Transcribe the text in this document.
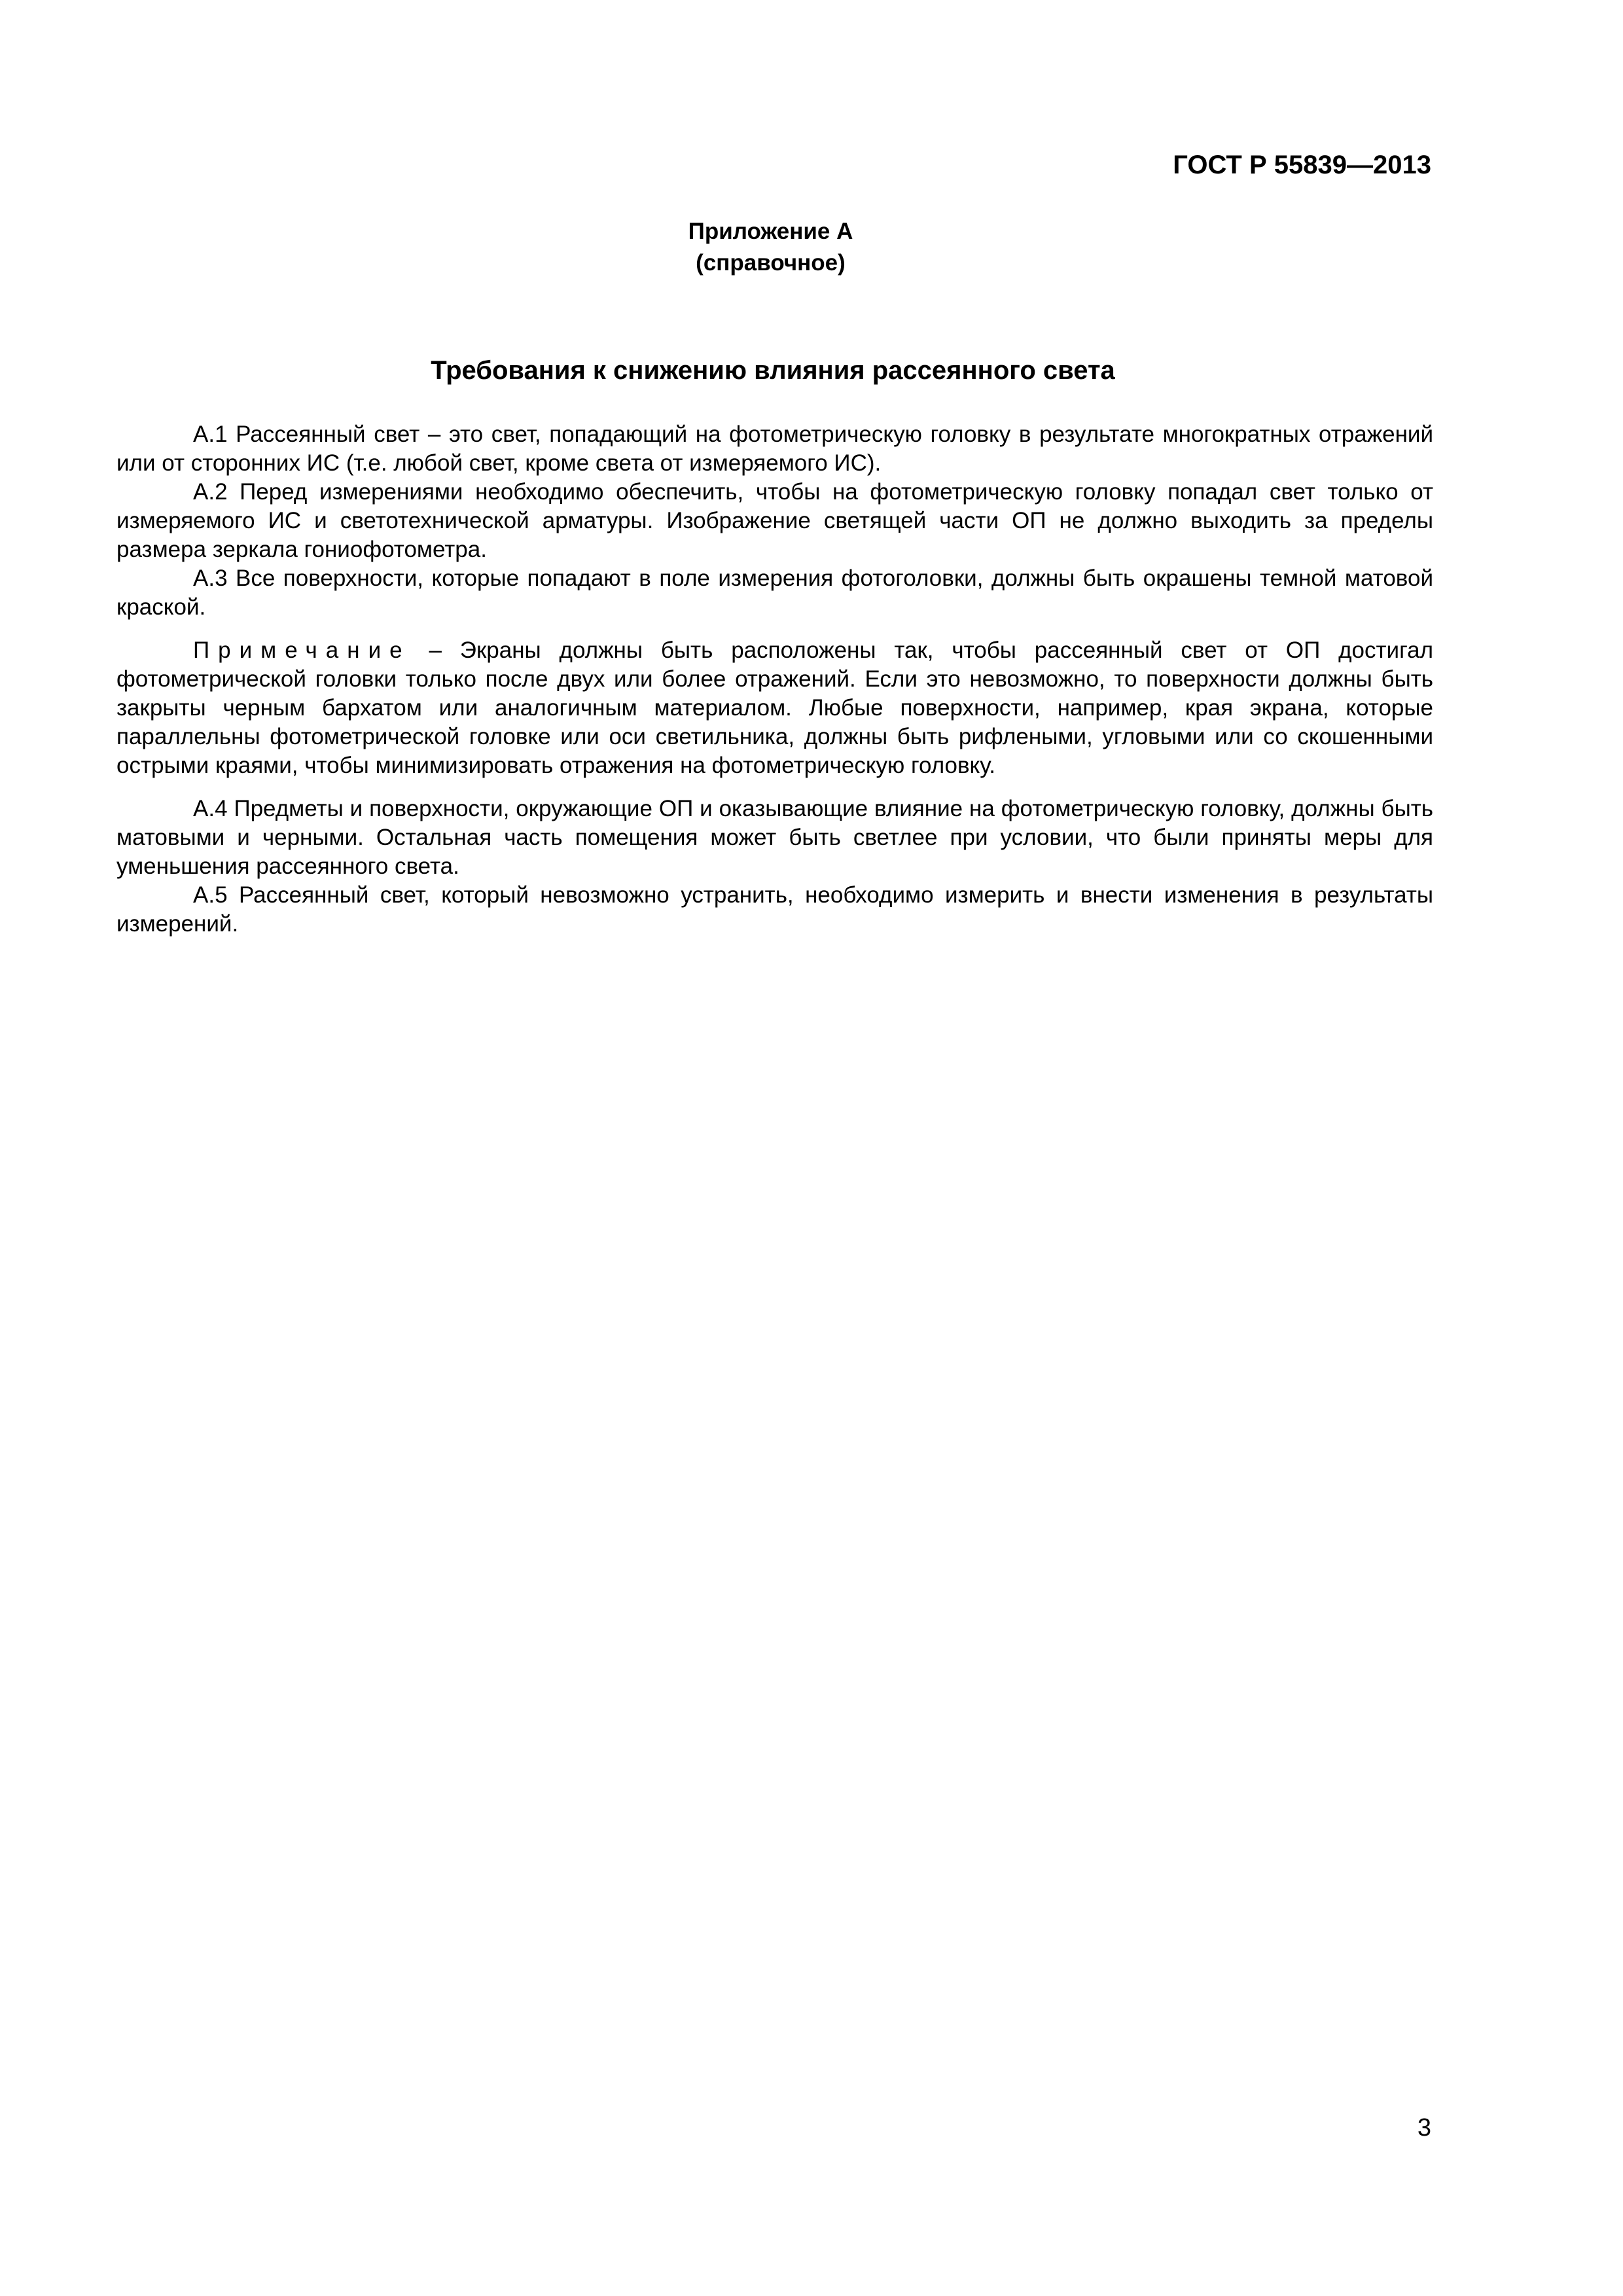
ГОСТ Р 55839—2013
Приложение А
(справочное)
Требования к снижению влияния рассеянного света

А.1 Рассеянный свет – это свет, попадающий на фотометрическую головку в результате многократных отражений или от сторонних ИС (т.е. любой свет, кроме света от измеряемого ИС).

А.2 Перед измерениями необходимо обеспечить, чтобы на фотометрическую головку попадал свет только от измеряемого ИС и светотехнической арматуры. Изображение светящей части ОП не должно выходить за пределы размера зеркала гониофотометра.

А.3 Все поверхности, которые попадают в поле измерения фотоголовки, должны быть окрашены темной матовой краской.

Примечание – Экраны должны быть расположены так, чтобы рассеянный свет от ОП достигал фотометрической головки только после двух или более отражений. Если это невозможно, то поверхности должны быть закрыты черным бархатом или аналогичным материалом. Любые поверхности, например, края экрана, которые параллельны фотометрической головке или оси светильника, должны быть рифлеными, угловыми или со скошенными острыми краями, чтобы минимизировать отражения на фотометрическую головку.

А.4 Предметы и поверхности, окружающие ОП и оказывающие влияние на фотометрическую головку, должны быть матовыми и черными. Остальная часть помещения может быть светлее при условии, что были приняты меры для уменьшения рассеянного света.

А.5 Рассеянный свет, который невозможно устранить, необходимо измерить и внести изменения в результаты измерений.

3
